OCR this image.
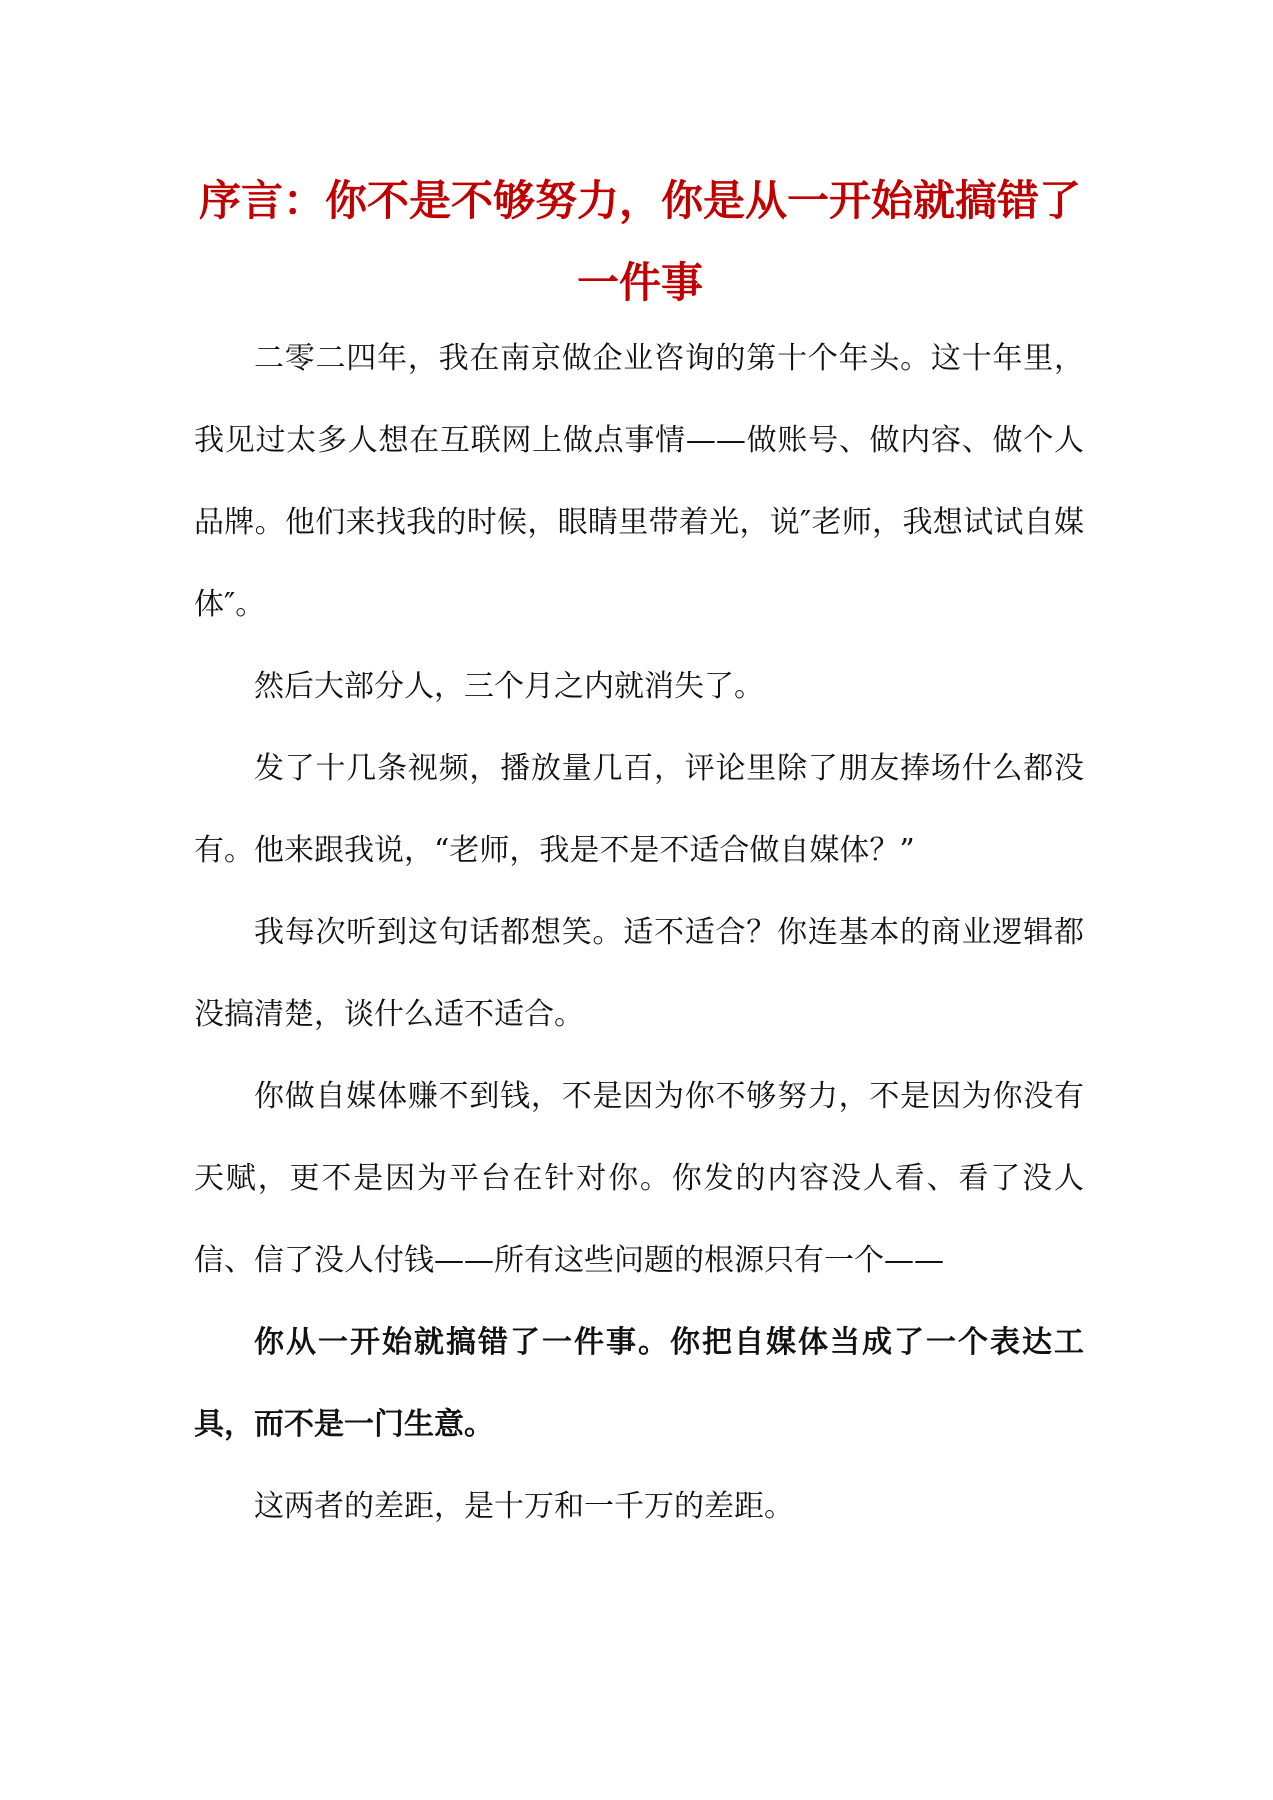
序言：你不是不够努力，你是从一开始就搞错了一件事

二零二四年，我在南京做企业咨询的第十个年头。这十年里，我见过太多人想在互联网上做点事情——做账号、做内容、做个人品牌。他们来找我的时候，眼睛里带着光，说″老师，我想试试自媒体″。

然后大部分人，三个月之内就消失了。

发了十几条视频，播放量几百，评论里除了朋友捧场什么都没有。他来跟我说，“老师，我是不是不适合做自媒体？”

我每次听到这句话都想笑。适不适合？你连基本的商业逻辑都没搞清楚，谈什么适不适合。

你做自媒体赚不到钱，不是因为你不够努力，不是因为你没有天赋，更不是因为平台在针对你。你发的内容没人看、看了没人信、信了没人付钱——所有这些问题的根源只有一个——

你从一开始就搞错了一件事。你把自媒体当成了一个表达工具，而不是一门生意。

这两者的差距，是十万和一千万的差距。
